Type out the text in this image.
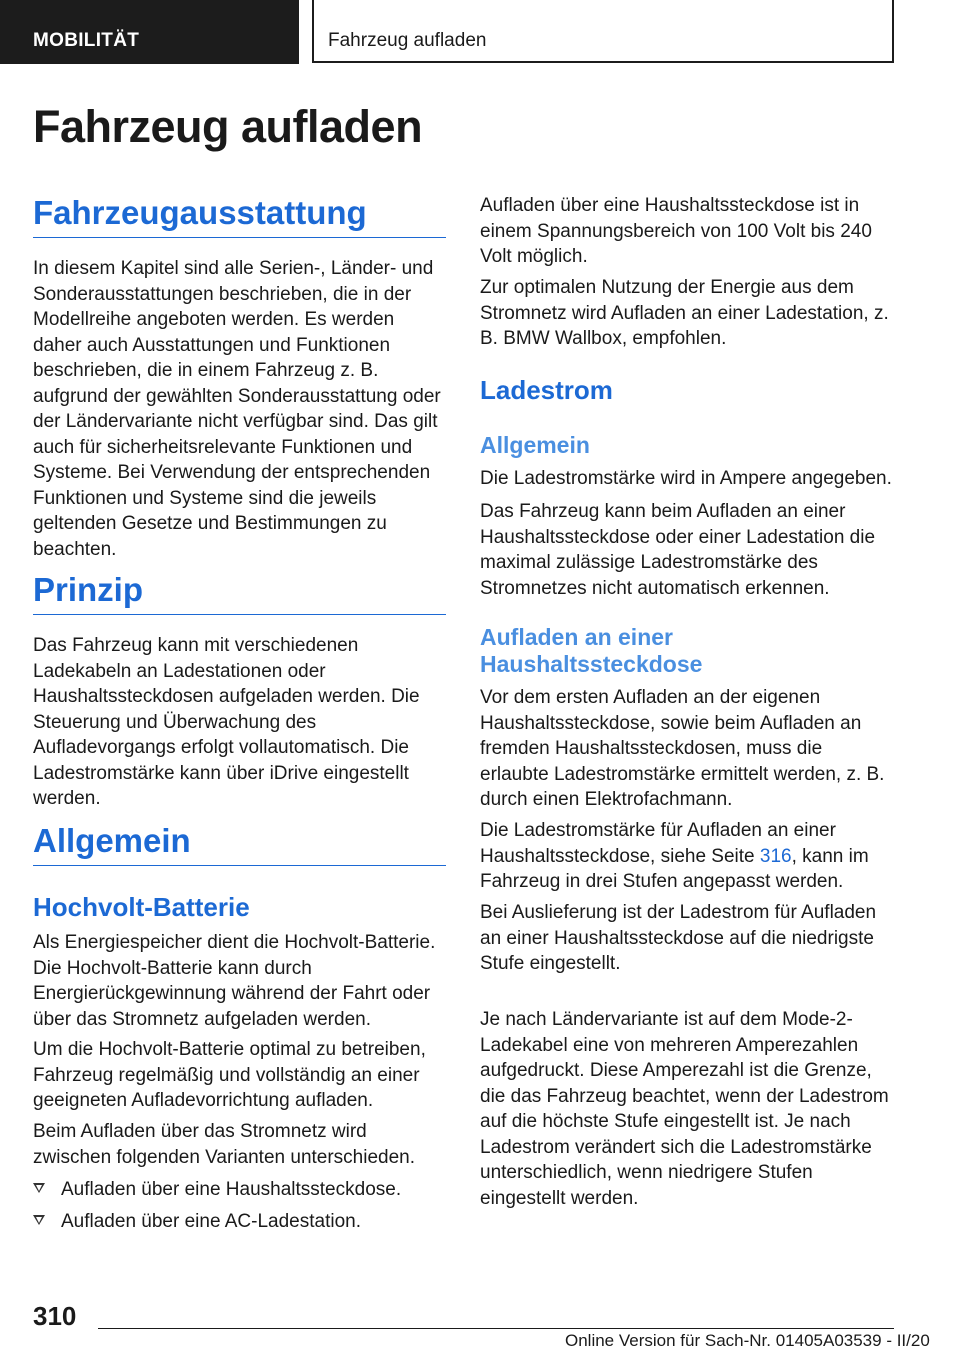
MOBILITÄT	Fahrzeug aufladen
Fahrzeug aufladen
Fahrzeugausstattung

In diesem Kapitel sind alle Serien-, Länder- und Sonderausstattungen beschrieben, die in der Modellreihe angeboten werden. Es werden daher auch Ausstattungen und Funktionen beschrieben, die in einem Fahrzeug z. B. aufgrund der gewählten Sonderausstattung oder der Ländervariante nicht verfügbar sind. Das gilt auch für sicherheitsrelevante Funktionen und Systeme. Bei Verwendung der entsprechenden Funktionen und Systeme sind die jeweils geltenden Gesetze und Bestimmungen zu beachten.

Prinzip

Das Fahrzeug kann mit verschiedenen Ladekabeln an Ladestationen oder Haushaltssteckdosen aufgeladen werden. Die Steuerung und Überwachung des Aufladevorgangs erfolgt vollautomatisch. Die Ladestromstärke kann über iDrive eingestellt werden.

Allgemein
Hochvolt-Batterie

Als Energiespeicher dient die Hochvolt-Batterie. Die Hochvolt-Batterie kann durch Energierückgewinnung während der Fahrt oder über das Stromnetz aufgeladen werden.

Um die Hochvolt-Batterie optimal zu betreiben, Fahrzeug regelmäßig und vollständig an einer geeigneten Aufladevorrichtung aufladen.

Beim Aufladen über das Stromnetz wird zwischen folgenden Varianten unterschieden.

Aufladen über eine Haushaltssteckdose.
Aufladen über eine AC-Ladestation.

Aufladen über eine Haushaltssteckdose ist in einem Spannungsbereich von 100 Volt bis 240 Volt möglich.

Zur optimalen Nutzung der Energie aus dem Stromnetz wird Aufladen an einer Ladestation, z. B. BMW Wallbox, empfohlen.

Ladestrom
Allgemein

Die Ladestromstärke wird in Ampere angegeben.

Das Fahrzeug kann beim Aufladen an einer Haushaltssteckdose oder einer Ladestation die maximal zulässige Ladestromstärke des Stromnetzes nicht automatisch erkennen.

Aufladen an einer Haushaltssteckdose

Vor dem ersten Aufladen an der eigenen Haushaltssteckdose, sowie beim Aufladen an fremden Haushaltssteckdosen, muss die erlaubte Ladestromstärke ermittelt werden, z. B. durch einen Elektrofachmann.

Die Ladestromstärke für Aufladen an einer Haushaltssteckdose, siehe Seite 316, kann im Fahrzeug in drei Stufen angepasst werden.

Bei Auslieferung ist der Ladestrom für Aufladen an einer Haushaltssteckdose auf die niedrigste Stufe eingestellt.

Je nach Ländervariante ist auf dem Mode-2-Ladekabel eine von mehreren Amperezahlen aufgedruckt. Diese Amperezahl ist die Grenze, die das Fahrzeug beachtet, wenn der Ladestrom auf die höchste Stufe eingestellt ist. Je nach Ladestrom verändert sich die Ladestromstärke unterschiedlich, wenn niedrigere Stufen eingestellt werden.

310
Online Version für Sach-Nr. 01405A03539 - II/20
